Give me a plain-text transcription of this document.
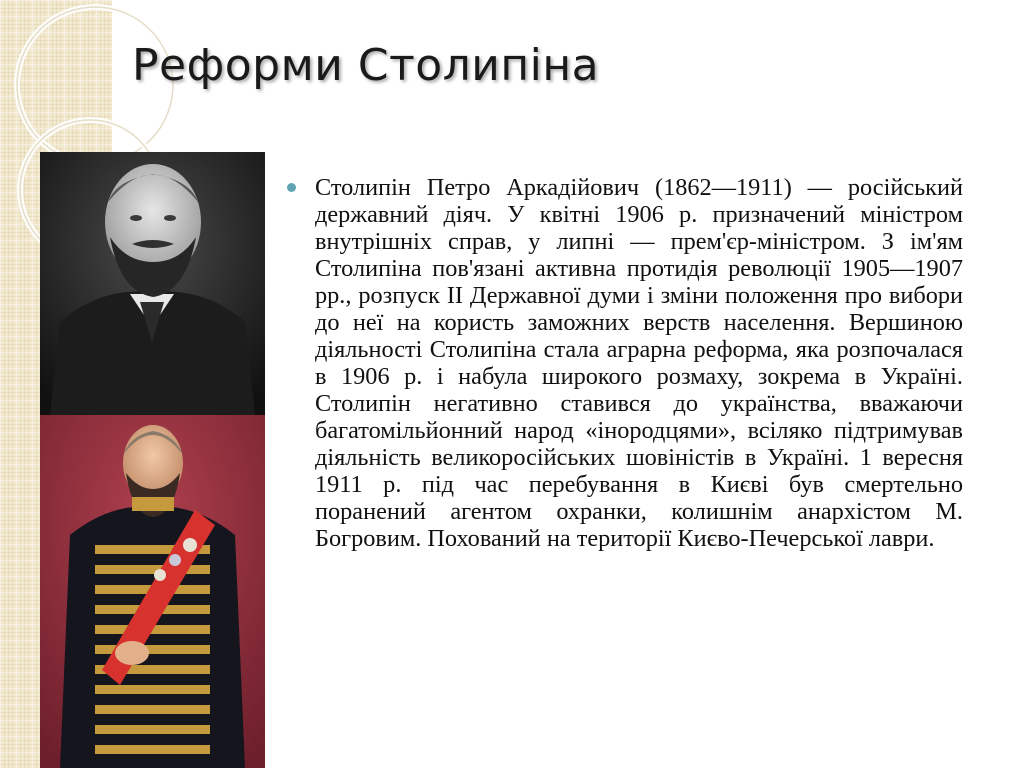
Реформи Столипіна

Столипін Петро Аркадійович (1862—1911) — російський державний діяч. У квітні 1906 р. призначений міністром внутрішніх справ, у липні — прем'єр-міністром. З ім'ям Столипіна пов'язані активна протидія революції 1905—1907 рр., розпуск II Державної думи і зміни положення про вибори до неї на користь заможних верств населення. Вершиною діяльності Столипіна стала аграрна реформа, яка розпочалася в 1906 р. і набула широкого розмаху, зокрема в Україні. Столипін негативно ставився до українства, вважаючи багатомільйонний народ «інородцями», всіляко підтримував діяльність великоросійських шовіністів в Україні. 1 вересня 1911 р. під час перебування в Києві був смертельно поранений агентом охранки, колишнім анархістом М. Богровим. Похований на території Києво-Печерської лаври.
